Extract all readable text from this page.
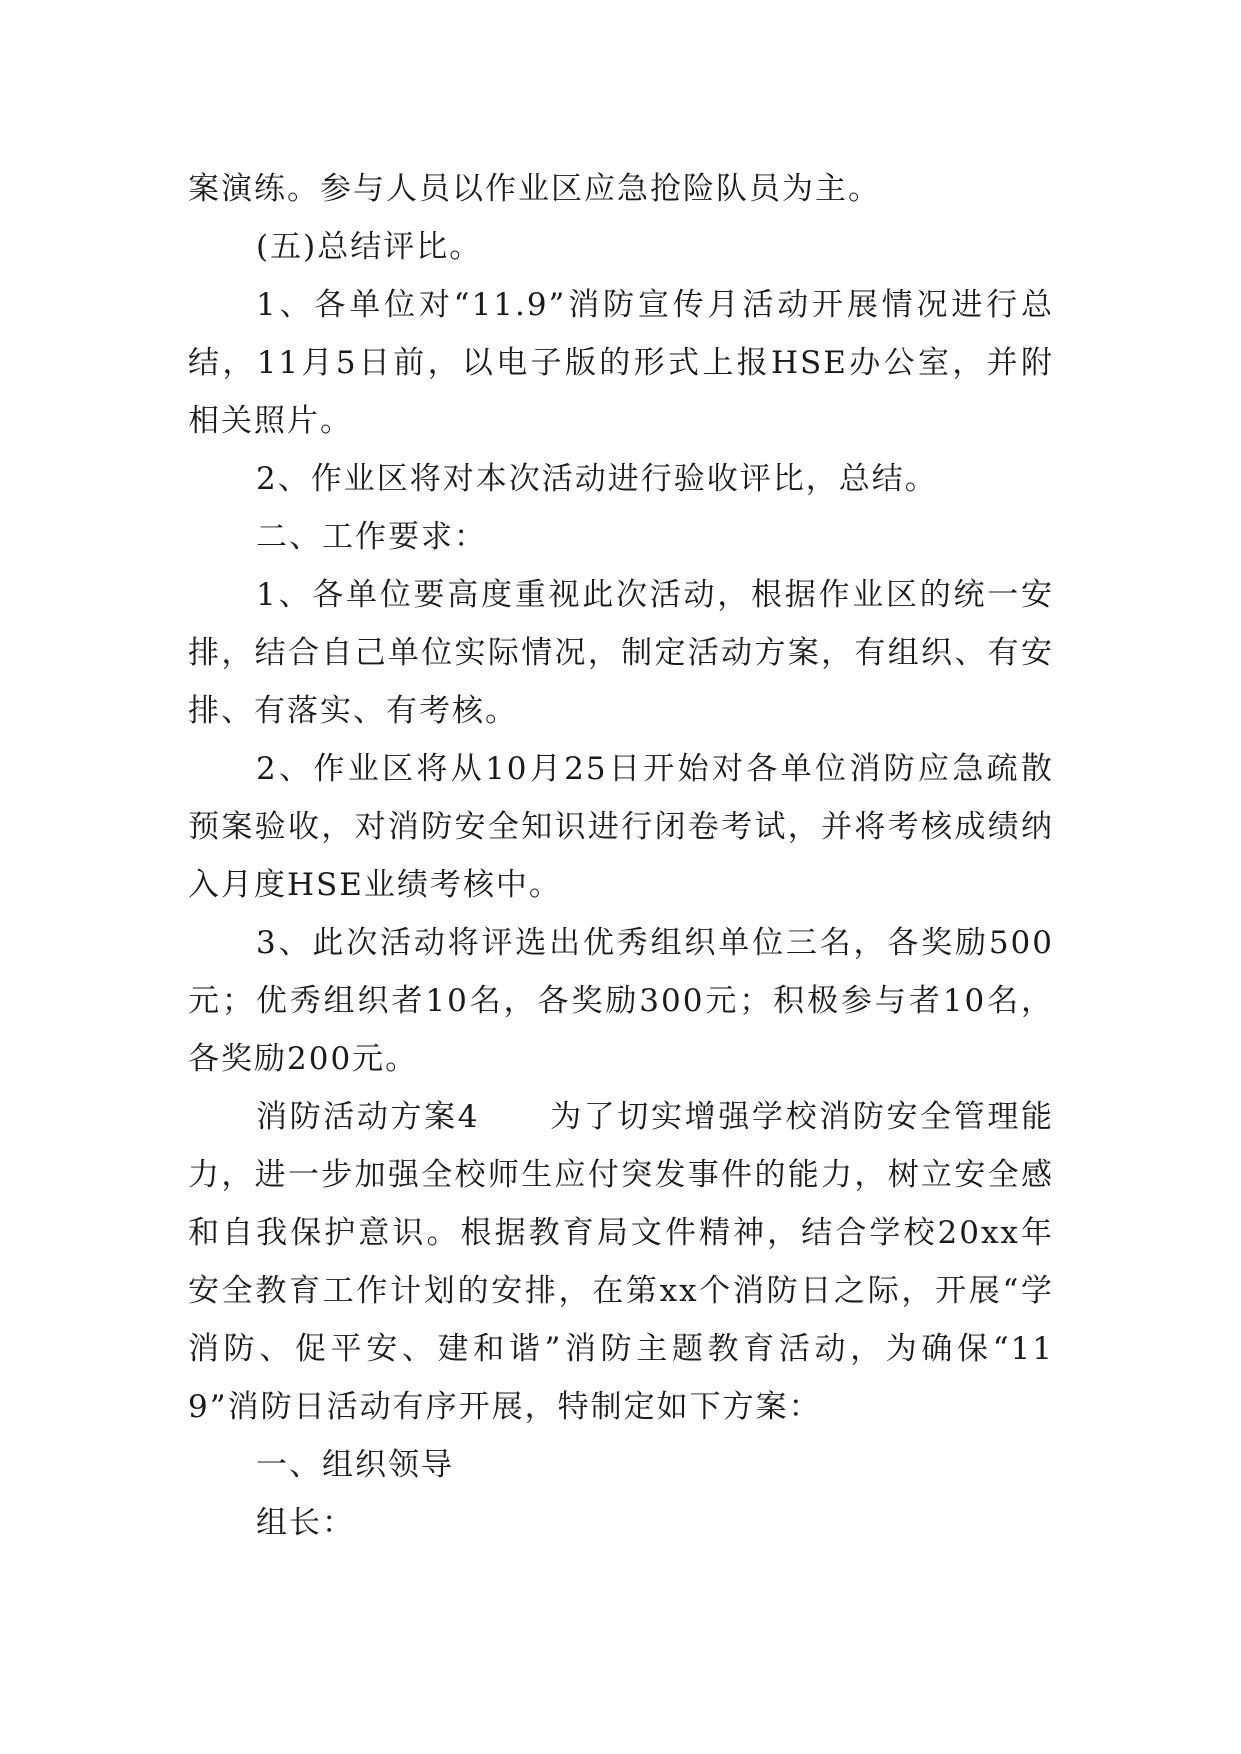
案演练。参与人员以作业区应急抢险队员为主。

(五)总结评比。

1、各单位对“11.9”消防宣传月活动开展情况进行总结，11月5日前，以电子版的形式上报HSE办公室，并附相关照片。

2、作业区将对本次活动进行验收评比，总结。

二、工作要求：

1、各单位要高度重视此次活动，根据作业区的统一安排，结合自己单位实际情况，制定活动方案，有组织、有安排、有落实、有考核。

2、作业区将从10月25日开始对各单位消防应急疏散预案验收，对消防安全知识进行闭卷考试，并将考核成绩纳入月度HSE业绩考核中。

3、此次活动将评选出优秀组织单位三名，各奖励500元；优秀组织者10名，各奖励300元；积极参与者10名，各奖励200元。

消防活动方案4 为了切实增强学校消防安全管理能力，进一步加强全校师生应付突发事件的能力，树立安全感和自我保护意识。根据教育局文件精神，结合学校20xx年安全教育工作计划的安排，在第xx个消防日之际，开展“学消防、促平安、建和谐”消防主题教育活动，为确保“119”消防日活动有序开展，特制定如下方案：

一、组织领导

组长：
